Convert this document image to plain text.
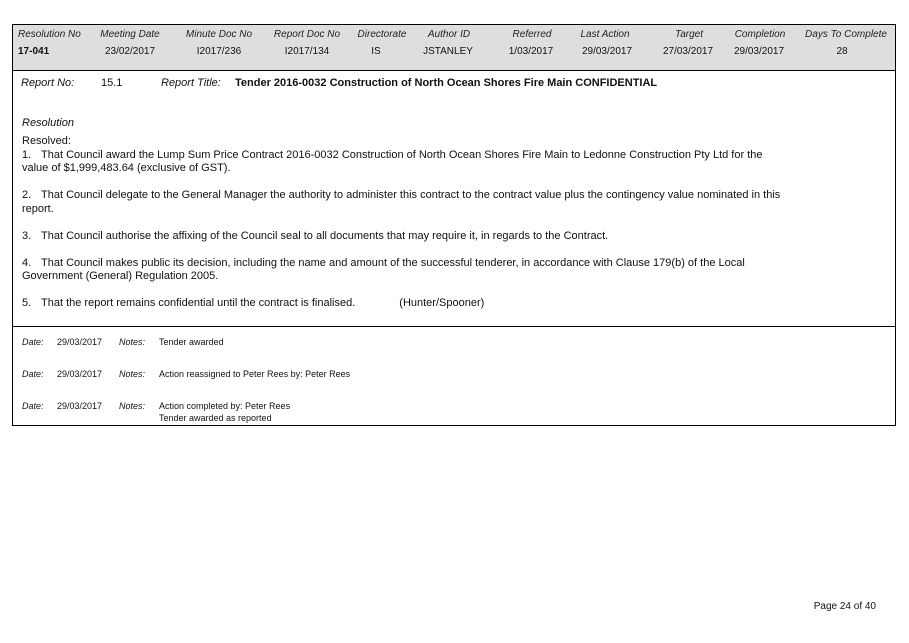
Resolution No
17-041
Meeting Date
23/02/2017
Minute Doc No
I2017/236
Report Doc No
I2017/134
Directorate
IS
Author ID
JSTANLEY
Referred
1/03/2017
Last Action
29/03/2017
Target
27/03/2017
Completion
29/03/2017
Days To Complete
28
Report No: 15.1	Report Title: Tender 2016-0032 Construction of North Ocean Shores Fire Main CONFIDENTIAL
Resolution

Resolved:

1. That Council award the Lump Sum Price Contract 2016-0032 Construction of North Ocean Shores Fire Main to Ledonne Construction Pty Ltd for the value of $1,999,483.64 (exclusive of GST).

2. That Council delegate to the General Manager the authority to administer this contract to the contract value plus the contingency value nominated in this report.

3. That Council authorise the affixing of the Council seal to all documents that may require it, in regards to the Contract.

4. That Council makes public its decision, including the name and amount of the successful tenderer, in accordance with Clause 179(b) of the Local Government (General) Regulation 2005.

5. That the report remains confidential until the contract is finalised.	(Hunter/Spooner)

Date: 29/03/2017 Notes: Tender awarded
Date: 29/03/2017 Notes: Action reassigned to Peter Rees by: Peter Rees
Date: 29/03/2017 Notes: Action completed by: Peter Rees
Tender awarded as reported
Page 24 of 40
